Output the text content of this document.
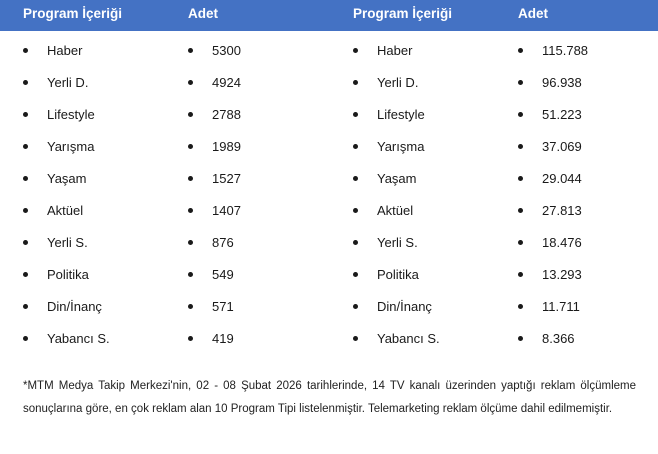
Program İçeriği	Adet	Program İçeriği	Adet
Haber	5300	Haber	115.788
Yerli D.	4924	Yerli D.	96.938
Lifestyle	2788	Lifestyle	51.223
Yarışma	1989	Yarışma	37.069
Yaşam	1527	Yaşam	29.044
Aktüel	1407	Aktüel	27.813
Yerli S.	876	Yerli S.	18.476
Politika	549	Politika	13.293
Din/İnanç	571	Din/İnanç	11.711
Yabancı S.	419	Yabancı S.	8.366
*MTM Medya Takip Merkezi'nin, 02 - 08 Şubat 2026 tarihlerinde, 14 TV kanalı üzerinden yaptığı reklam ölçümleme sonuçlarına göre, en çok reklam alan 10 Program Tipi listelenmiştir. Telemarketing reklam ölçüme dahil edilmemiştir.
